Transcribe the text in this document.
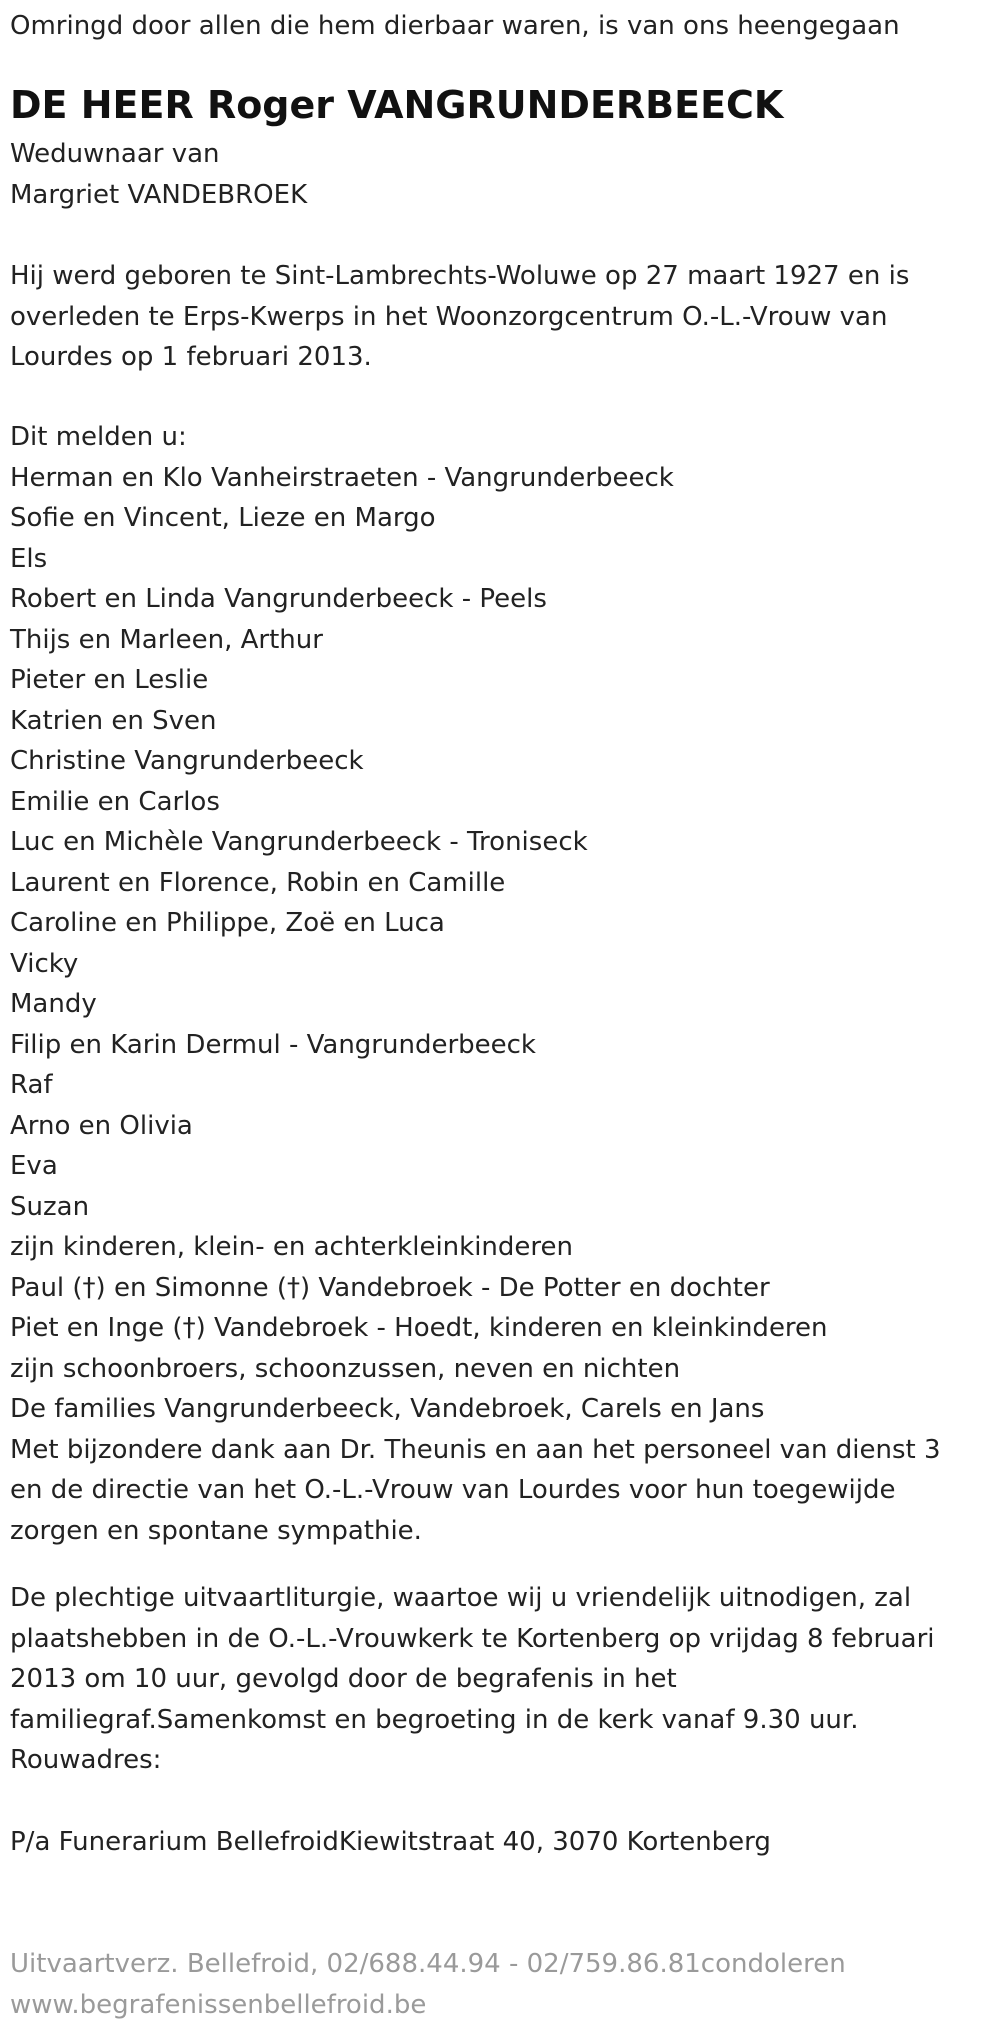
Omringd door allen die hem dierbaar waren, is van ons heengegaan
DE HEER Roger VANGRUNDERBEECK
Weduwnaar van
Margriet VANDEBROEK
Hij werd geboren te Sint-Lambrechts-Woluwe op 27 maart 1927 en is
overleden te Erps-Kwerps in het Woonzorgcentrum O.-L.-Vrouw van
Lourdes op 1 februari 2013.
Dit melden u:
Herman en Klo Vanheirstraeten - Vangrunderbeeck
Sofie en Vincent, Lieze en Margo
Els
Robert en Linda Vangrunderbeeck - Peels
Thijs en Marleen, Arthur
Pieter en Leslie
Katrien en Sven
Christine Vangrunderbeeck
Emilie en Carlos
Luc en Michèle Vangrunderbeeck - Troniseck
Laurent en Florence, Robin en Camille
Caroline en Philippe, Zoë en Luca
Vicky
Mandy
Filip en Karin Dermul - Vangrunderbeeck
Raf
Arno en Olivia
Eva
Suzan
zijn kinderen, klein- en achterkleinkinderen
Paul (†) en Simonne (†) Vandebroek - De Potter en dochter
Piet en Inge (†) Vandebroek - Hoedt, kinderen en kleinkinderen
zijn schoonbroers, schoonzussen, neven en nichten
De families Vangrunderbeeck, Vandebroek, Carels en Jans
Met bijzondere dank aan Dr. Theunis en aan het personeel van dienst 3
en de directie van het O.-L.-Vrouw van Lourdes voor hun toegewijde
zorgen en spontane sympathie.
De plechtige uitvaartliturgie, waartoe wij u vriendelijk uitnodigen, zal
plaatshebben in de O.-L.-Vrouwkerk te Kortenberg op vrijdag 8 februari
2013 om 10 uur, gevolgd door de begrafenis in het
familiegraf.Samenkomst en begroeting in de kerk vanaf 9.30 uur.
Rouwadres:
P/a Funerarium BellefroidKiewitstraat 40, 3070 Kortenberg
Uitvaartverz. Bellefroid, 02/688.44.94 - 02/759.86.81condoleren
www.begrafenissenbellefroid.be
